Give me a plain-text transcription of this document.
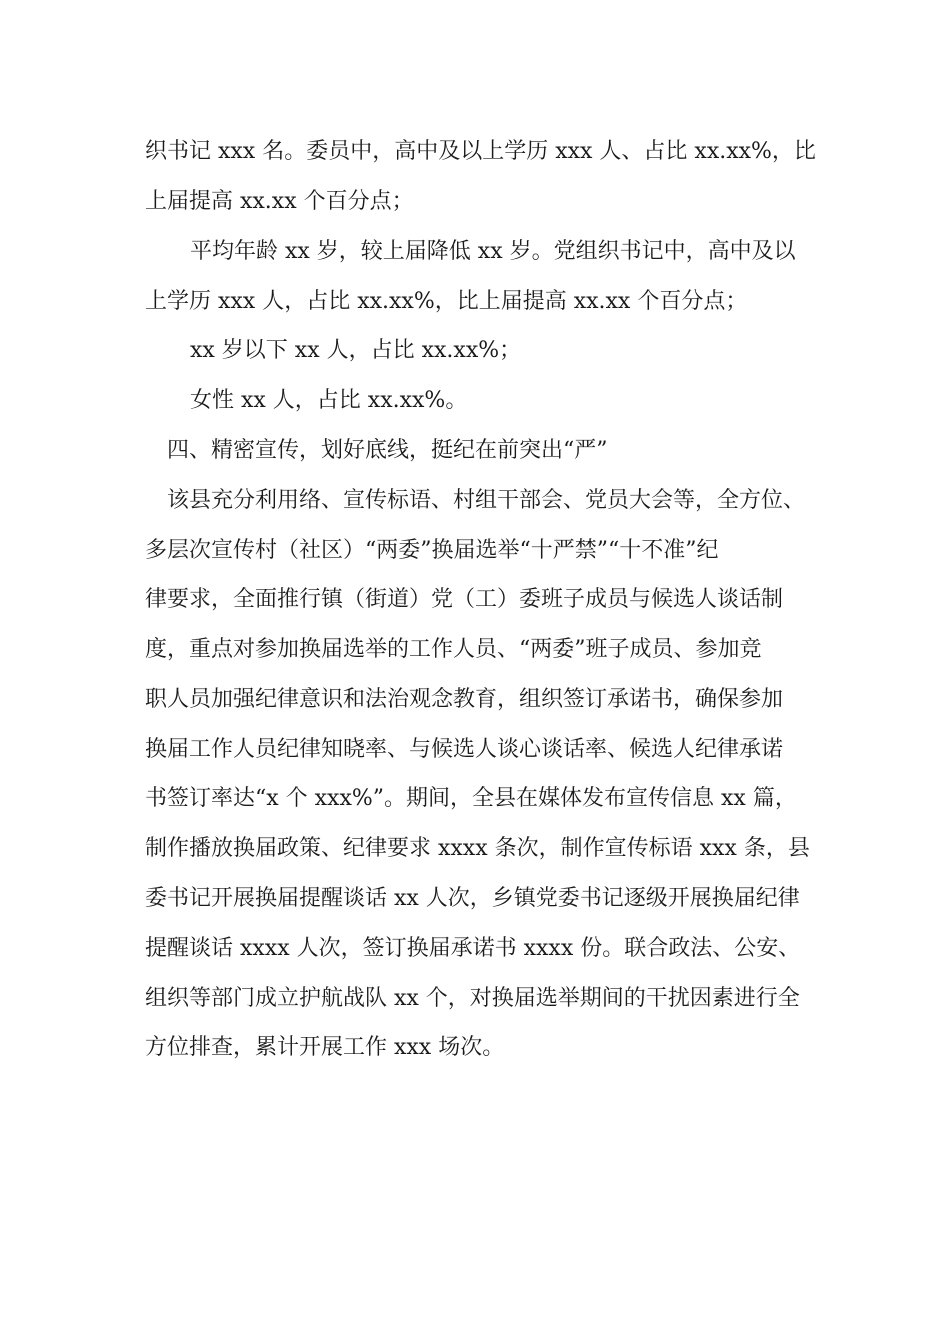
织书记 xxx 名。委员中，高中及以上学历 xxx 人、占比 xx.xx%，比
上届提高 xx.xx 个百分点；
平均年龄 xx 岁，较上届降低 xx 岁。党组织书记中，高中及以
上学历 xxx 人，占比 xx.xx%，比上届提高 xx.xx 个百分点；
xx 岁以下 xx 人，占比 xx.xx%；
女性 xx 人，占比 xx.xx%。
四、精密宣传，划好底线，挺纪在前突出“严”
该县充分利用络、宣传标语、村组干部会、党员大会等，全方位、
多层次宣传村（社区）“两委”换届选举“十严禁”“十不准”纪
律要求，全面推行镇（街道）党（工）委班子成员与候选人谈话制
度，重点对参加换届选举的工作人员、“两委”班子成员、参加竞
职人员加强纪律意识和法治观念教育，组织签订承诺书，确保参加
换届工作人员纪律知晓率、与候选人谈心谈话率、候选人纪律承诺
书签订率达“x 个 xxx%”。期间，全县在媒体发布宣传信息 xx 篇，
制作播放换届政策、纪律要求 xxxx 条次，制作宣传标语 xxx 条，县
委书记开展换届提醒谈话 xx 人次，乡镇党委书记逐级开展换届纪律
提醒谈话 xxxx 人次，签订换届承诺书 xxxx 份。联合政法、公安、
组织等部门成立护航战队 xx 个，对换届选举期间的干扰因素进行全
方位排查，累计开展工作 xxx 场次。
